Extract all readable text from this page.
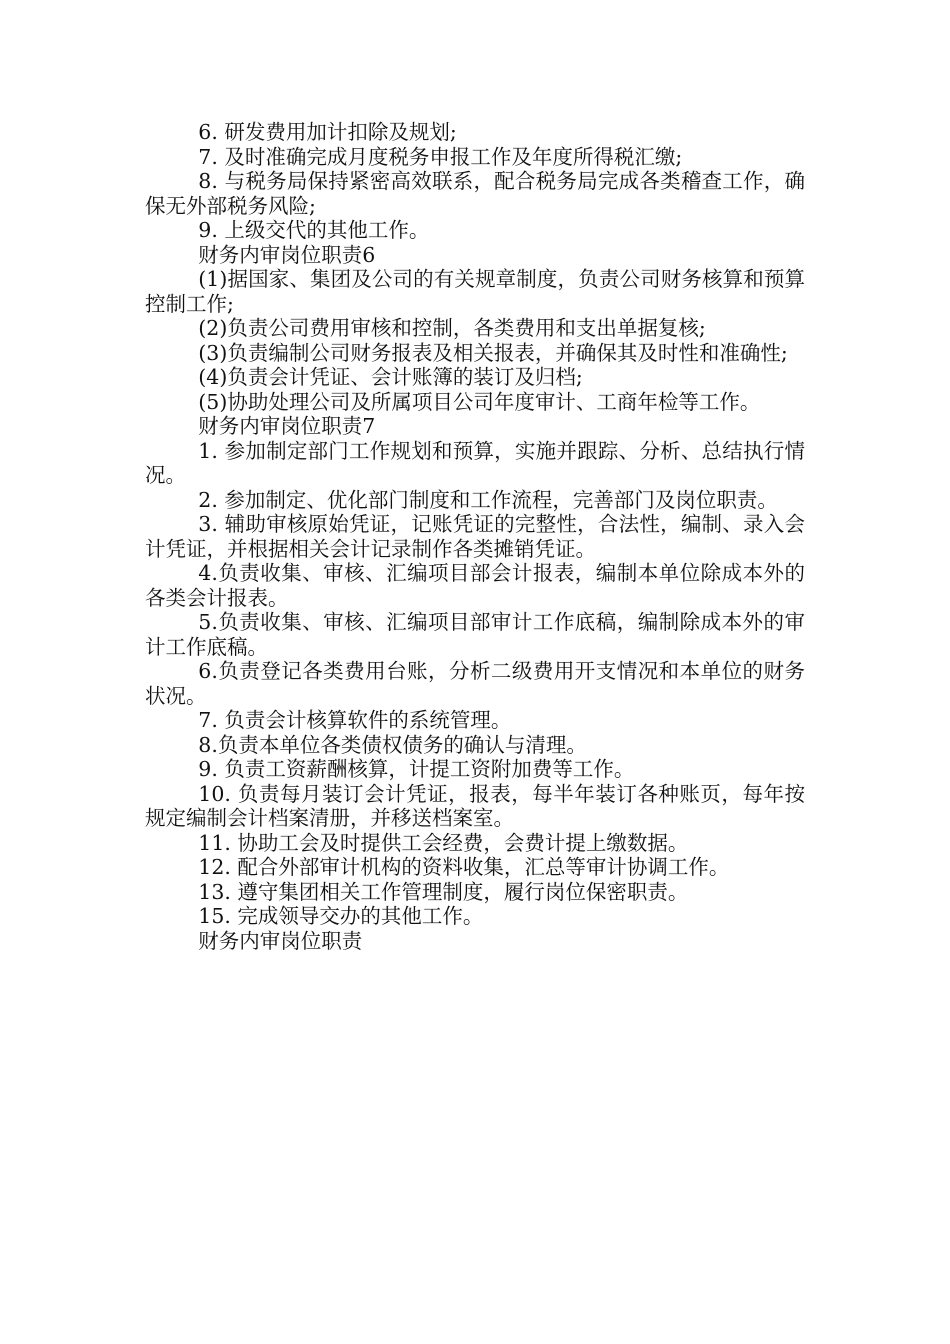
6. 研发费用加计扣除及规划;

7. 及时准确完成月度税务申报工作及年度所得税汇缴;

8. 与税务局保持紧密高效联系，配合税务局完成各类稽查工作，确保无外部税务风险;

9. 上级交代的其他工作。

财务内审岗位职责6

(1)据国家、集团及公司的有关规章制度，负责公司财务核算和预算控制工作;

(2)负责公司费用审核和控制，各类费用和支出单据复核;

(3)负责编制公司财务报表及相关报表，并确保其及时性和准确性;

(4)负责会计凭证、会计账簿的装订及归档;

(5)协助处理公司及所属项目公司年度审计、工商年检等工作。

财务内审岗位职责7

1. 参加制定部门工作规划和预算，实施并跟踪、分析、总结执行情况。

2. 参加制定、优化部门制度和工作流程，完善部门及岗位职责。

3. 辅助审核原始凭证，记账凭证的完整性，合法性，编制、录入会计凭证，并根据相关会计记录制作各类摊销凭证。

4.负责收集、审核、汇编项目部会计报表，编制本单位除成本外的各类会计报表。

5.负责收集、审核、汇编项目部审计工作底稿，编制除成本外的审计工作底稿。

6.负责登记各类费用台账，分析二级费用开支情况和本单位的财务状况。

7. 负责会计核算软件的系统管理。

8.负责本单位各类债权债务的确认与清理。

9. 负责工资薪酬核算，计提工资附加费等工作。

10. 负责每月装订会计凭证，报表，每半年装订各种账页，每年按规定编制会计档案清册，并移送档案室。

11. 协助工会及时提供工会经费，会费计提上缴数据。

12. 配合外部审计机构的资料收集，汇总等审计协调工作。

13. 遵守集团相关工作管理制度，履行岗位保密职责。

15. 完成领导交办的其他工作。

财务内审岗位职责
